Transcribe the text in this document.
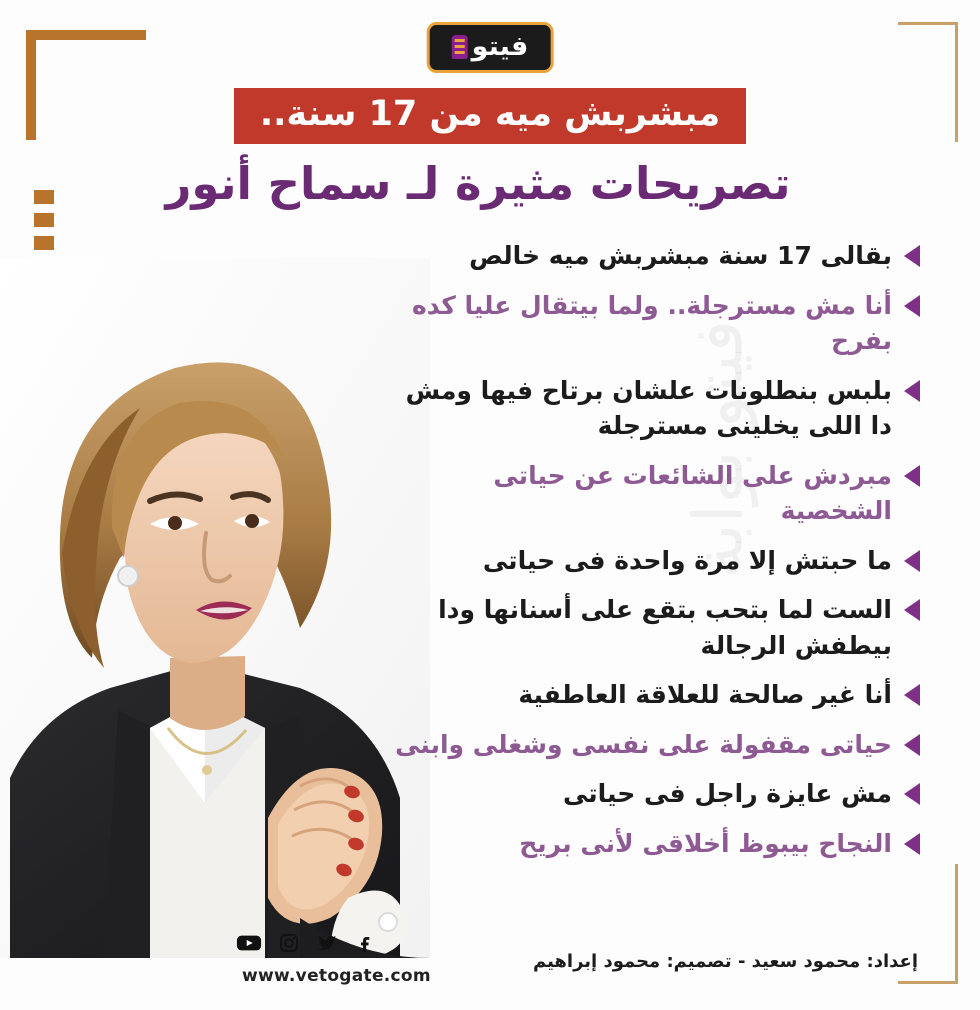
فيتو بوابة
فيتو
مبشربش ميه من 17 سنة..
تصريحات مثيرة لـ سماح أنور
بقالى 17 سنة مبشربش ميه خالص
أنا مش مسترجلة.. ولما بيتقال عليا كده بفرح
بلبس بنطلونات علشان برتاح فيها ومش دا اللى يخلينى مسترجلة
مبردش على الشائعات عن حياتى الشخصية
ما حبتش إلا مرة واحدة فى حياتى
الست لما بتحب بتقع على أسنانها ودا بيطفش الرجالة
أنا غير صالحة للعلاقة العاطفية
حياتى مقفولة على نفسى وشغلى وابنى
مش عايزة راجل فى حياتى
النجاح بيبوظ أخلاقى لأنى بريح
www.vetogate.com
إعداد: محمود سعيد - تصميم: محمود إبراهيم
